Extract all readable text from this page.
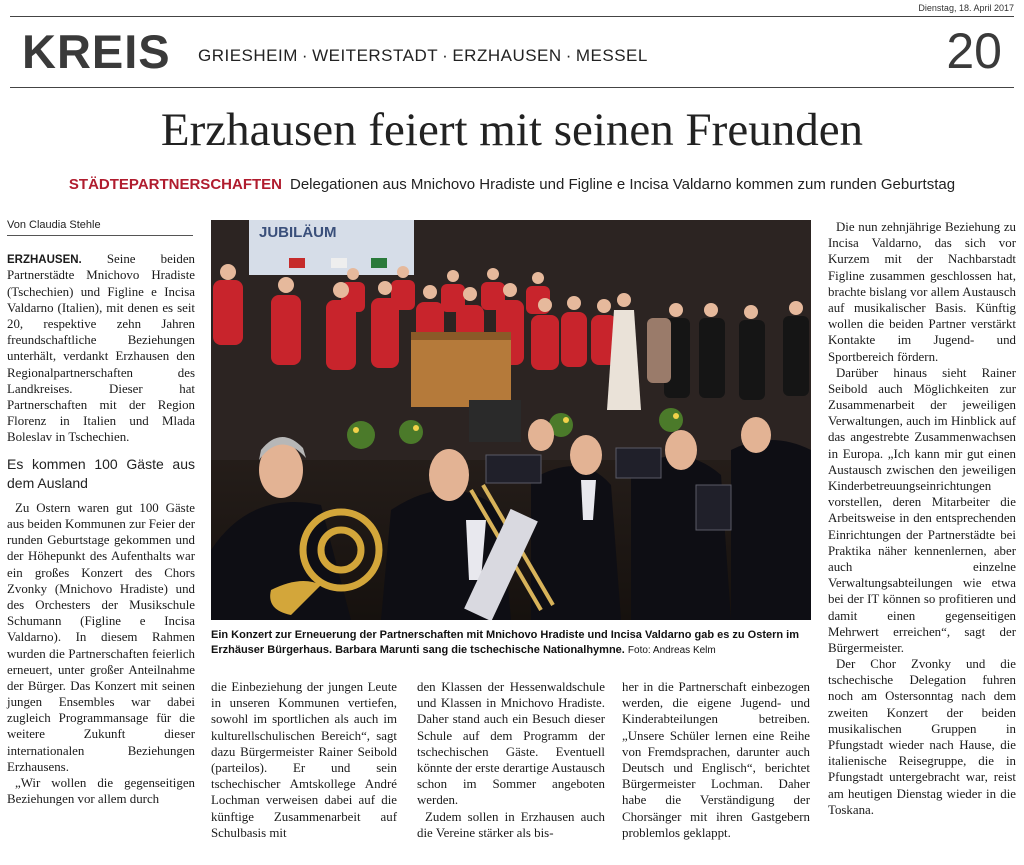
Dienstag, 18. April 2017
KREIS GRIESHEIM · WEITERSTADT · ERZHAUSEN · MESSEL	20
Erzhausen feiert mit seinen Freunden
STÄDTEPARTNERSCHAFTEN Delegationen aus Mnichovo Hradiste und Figline e Incisa Valdarno kommen zum runden Geburtstag
Von Claudia Stehle

ERZHAUSEN. Seine beiden Partnerstädte Mnichovo Hradiste (Tschechien) und Figline e Incisa Valdarno (Italien), mit denen es seit 20, respektive zehn Jahren freundschaftliche Beziehungen unterhält, verdankt Erzhausen den Regionalpartnerschaften des Landkreises. Dieser hat Partnerschaften mit der Region Florenz in Italien und Mlada Boleslav in Tschechien.

Es kommen 100 Gäste aus dem Ausland

Zu Ostern waren gut 100 Gäste aus beiden Kommunen zur Feier der runden Geburtstage gekommen und der Höhepunkt des Aufenthalts war ein großes Konzert des Chors Zvonky (Mnichovo Hradiste) und des Orchesters der Musikschule Schumann (Figline e Incisa Valdarno). In diesem Rahmen wurden die Partnerschaften feierlich erneuert, unter großer Anteilnahme der Bürger. Das Konzert mit seinen jungen Ensembles war dabei zugleich Programmansage für die weitere Zukunft dieser internationalen Beziehungen Erzhausens.

„Wir wollen die gegenseitigen Beziehungen vor allem durch

JUBILÄUM
Ein Konzert zur Erneuerung der Partnerschaften mit Mnichovo Hradiste und Incisa Valdarno gab es zu Ostern im Erzhäuser Bürgerhaus. Barbara Marunti sang die tschechische Nationalhymne. Foto: Andreas Kelm

die Einbeziehung der jungen Leute in unseren Kommunen vertiefen, sowohl im sportlichen als auch im kulturellschulischen Bereich“, sagt dazu Bürgermeister Rainer Seibold (parteilos). Er und sein tschechischer Amtskollege André Lochman verweisen dabei auf die künftige Zusammenarbeit auf Schulbasis mit

den Klassen der Hessenwaldschule und Klassen in Mnichovo Hradiste. Daher stand auch ein Besuch dieser Schule auf dem Programm der tschechischen Gäste. Eventuell könnte der erste derartige Austausch schon im Sommer angeboten werden.

Zudem sollen in Erzhausen auch die Vereine stärker als bis-

her in die Partnerschaft einbezogen werden, die eigene Jugend- und Kinderabteilungen betreiben. „Unsere Schüler lernen eine Reihe von Fremdsprachen, darunter auch Deutsch und Englisch“, berichtet Bürgermeister Lochman. Daher habe die Verständigung der Chorsänger mit ihren Gastgebern problemlos geklappt.

Die nun zehnjährige Beziehung zu Incisa Valdarno, das sich vor Kurzem mit der Nachbarstadt Figline zusammen geschlossen hat, brachte bislang vor allem Austausch auf musikalischer Basis. Künftig wollen die beiden Partner verstärkt Kontakte im Jugend- und Sportbereich fördern.

Darüber hinaus sieht Rainer Seibold auch Möglichkeiten zur Zusammenarbeit der jeweiligen Verwaltungen, auch im Hinblick auf das angestrebte Zusammenwachsen in Europa. „Ich kann mir gut einen Austausch zwischen den jeweiligen Kinderbetreuungseinrichtungen vorstellen, deren Mitarbeiter die Arbeitsweise in den entsprechenden Einrichtungen der Partnerstädte bei Praktika näher kennenlernen, aber auch einzelne Verwaltungsabteilungen wie etwa bei der IT können so profitieren und damit einen gegenseitigen Mehrwert erreichen“, sagt der Bürgermeister.

Der Chor Zvonky und die tschechische Delegation fuhren noch am Ostersonntag nach dem zweiten Konzert der beiden musikalischen Gruppen in Pfungstadt wieder nach Hause, die italienische Reisegruppe, die in Pfungstadt untergebracht war, reist am heutigen Dienstag wieder in die Toskana.
